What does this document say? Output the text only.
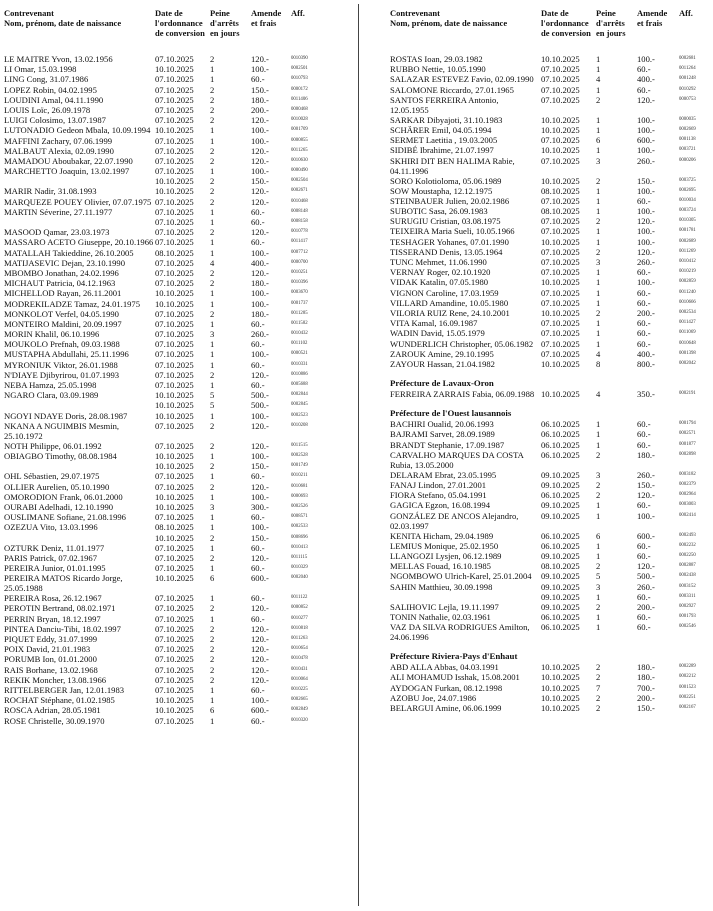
Contrevenant
Nom, prénom, date de naissance
Date de
l'ordonnance
de conversion
Peine
d'arrêts
en jours
Amende
et frais
Aff.
LE MAITRE Yvon, 13.02.1956	07.10.2025 2	120.-	0010390
LI Omar, 15.03.1998	10.10.2025 1	100.-	0002501
LING Cong, 31.07.1986	07.10.2025 1	60.-	0010793
LOPEZ Robin, 04.02.1995	07.10.2025 2	150.-	0000172
LOUDINI Amal, 04.11.1990	07.10.2025 2	180.-	0011406
LOUIS Loïc, 26.09.1978	07.10.2025 2	200.-	0000468
LUIGI Colosimo, 13.07.1987	07.10.2025 2	120.-	0010028
LUTONADIO Gedeon Mbala, 10.09.1994 10.10.2025 1	100.-	0001709
MAFFINI Zachary, 07.06.1999	07.10.2025 1	100.-	0000855
MALBAUT Alexia, 02.09.1990	07.10.2025 2	120.-	0011265
MAMADOU Aboubakar, 22.07.1990	07.10.2025 2	120.-	0010630
MARCHETTO Joaquin, 13.02.1997	07.10.2025 1	100.-	0000490
10.10.2025 2	150.-	0002504
MARIR Nadir, 31.08.1993	10.10.2025 2	120.-	0002671
MARQUEZE POUEY Olivier, 07.07.1975 07.10.2025 2	120.-	0010468
MARTIN Séverine, 27.11.1977	07.10.2025 1	60.-	0008148
07.10.2025 1	60.-	0008158
MASOOD Qamar, 23.03.1973	07.10.2025 2	120.-	0010778
MASSARO ACETO Giuseppe, 20.10.1966 07.10.2025 1	60.-	0011417
MATALLAH Takieddine, 26.10.2005	08.10.2025 1	100.-	0007712
MATIJASEVIC Dejan, 23.10.1990	07.10.2025 4	400.-	0000700
MBOMBO Jonathan, 24.02.1996	07.10.2025 2	120.-	0010251
MICHAUT Patricia, 04.12.1963	07.10.2025 2	180.-	0010396
MICHELLOD Rayan, 26.11.2001	10.10.2025 1	100.-	0003670
MODREKILADZE Tamaz, 24.01.1975	10.10.2025 1	100.-	0001737
MONKOLOT Verfel, 04.05.1990	07.10.2025 2	180.-	0011285
MONTEIRO Maldini, 20.09.1997	07.10.2025 1	60.-	0011582
MORIN Khalil, 06.10.1996	07.10.2025 3	260.-	0010432
MOUKOLO Prefnah, 09.03.1988	07.10.2025 1	60.-	0011102
MUSTAPHA Abdullahi, 25.11.1996	07.10.2025 1	100.-	0000521
MYRONIUK Viktor, 26.01.1988	07.10.2025 1	60.-	0010331
N'DIAYE Djibyrirou, 01.07.1993	07.10.2025 2	120.-	0010886
NEBA Hamza, 25.05.1998	07.10.2025 1	60.-	0005688
NGARO Clara, 03.09.1989	10.10.2025 5	500.-	0002844
10.10.2025 5	500.-	0002845
NGOYI NDAYE Doris, 28.08.1987	10.10.2025 1	100.-	0002523
NKANA A NGUIMBIS Mesmin, 25.10.1972
07.10.2025 2	120.-	0010208
NOTH Philippe, 06.01.1992	07.10.2025 2	120.-	0011515
OBIAGBO Timothy, 08.08.1984	10.10.2025 1	100.-	0002528
10.10.2025 2	150.-	0001749
OHL Sébastien, 29.07.1975	07.10.2025 1	60.-	0010211
OLLIER Aurelien, 05.10.1990	07.10.2025 2	120.-	0010681
OMORODION Frank, 06.01.2000	10.10.2025 1	100.-	0000693
OURABI Adelhadi, 12.10.1990	10.10.2025 3	300.-	0002526
OUSLIMANE Sofiane, 21.08.1996	07.10.2025 1	60.-	0008571
OZEZUA Vito, 13.03.1996	08.10.2025 1	100.-	0002533
10.10.2025 2	150.-	0008696
OZTURK Deniz, 11.01.1977	07.10.2025 1	60.-	0010413
PARIS Patrick, 07.02.1967	07.10.2025 2	120.-	0011115
PEREIRA Junior, 01.01.1995	07.10.2025 1	60.-	0010329
PEREIRA MATOS Ricardo Jorge, 25.05.1988
10.10.2025 6	600.-	0002040
PEREIRA Rosa, 26.12.1967	07.10.2025 1	60.-	0011122
PEROTIN Bertrand, 08.02.1971	07.10.2025 2	120.-	0000852
PERRIN Bryan, 18.12.1997	07.10.2025 1	60.-	0010277
PINTEA Danciu-Tibi, 18.02.1997	07.10.2025 2	120.-	0010818
PIQUET Eddy, 31.07.1999	07.10.2025 2	120.-	0011263
POIX David, 21.01.1983	07.10.2025 2	120.-	0010654
PORUMB Ion, 01.01.2000	07.10.2025 2	120.-	0010478
RAIS Borhane, 13.02.1968	07.10.2025 2	120.-	0010431
REKIK Moncher, 13.08.1966	07.10.2025 2	120.-	0010064
RITTELBERGER Jan, 12.01.1983	07.10.2025 1	60.-	0010225
ROCHAT Stéphane, 01.02.1985	10.10.2025 1	100.-	0002665
ROSCA Adrian, 28.05.1981	10.10.2025 6	600.-	0002849
ROSE Christelle, 30.09.1970	07.10.2025 1	60.-	0010320
Contrevenant
Nom, prénom, date de naissance
Date de
l'ordonnance
de conversion
Peine
d'arrêts
en jours
Amende
et frais
Aff.
ROSTAS Ioan, 29.03.1982	10.10.2025 1	100.-	0002681
RUBBO Nettie, 10.05.1990	07.10.2025 1	60.-	0011264
SALAZAR ESTEVEZ Favio, 02.09.1990 07.10.2025 4	400.-	0001248
SALOMONE Riccardo, 27.01.1965	07.10.2025 1	60.-	0010292
SANTOS FERREIRA Antonio, 12.05.1955
07.10.2025 2	120.-	0000753
SARKAR Dibyajoti, 31.10.1983	10.10.2025 1	100.-	0000035
SCHÄRER Emil, 04.05.1994	10.10.2025 1	100.-	0002669
SERMET Laetitia , 19.03.2005	07.10.2025 6	600.-	0001138
SIDIBÉ Ibrahime, 21.07.1997	10.10.2025 1	100.-	0003721
SKHIRI DIT BEN HALIMA Rabie, 04.11.1996
07.10.2025 3	260.-	0000206
SORO Kolotioloma, 05.06.1989	10.10.2025 2	150.-	0003725
SOW Moustapha, 12.12.1975	08.10.2025 1	100.-	0002695
STEINBAUER Julien, 20.02.1986	07.10.2025 1	60.-	0010034
SUBOTIC Sasa, 26.09.1983	08.10.2025 1	100.-	0003724
SURUGIU Cristian, 03.08.1975	07.10.2025 2	120.-	0010305
TEIXEIRA Maria Sueli, 10.05.1966	07.10.2025 1	100.-	0001781
TESHAGER Yohanes, 07.01.1990	10.10.2025 1	100.-	0002689
TISSERAND Denis, 13.05.1964	07.10.2025 2	120.-	0011269
TUNC Mehmet, 11.06.1990	07.10.2025 3	260.-	0010412
VERNAY Roger, 02.10.1920	07.10.2025 1	60.-	0010219
VIDAK Katalin, 07.05.1980	10.10.2025 1	100.-	0002859
VIGNON Caroline, 17.03.1959	07.10.2025 1	60.-	0011240
VILLARD Amandine, 10.05.1980	07.10.2025 1	60.-	0010666
VILORIA RUIZ Rene, 24.10.2001	10.10.2025 2	200.-	0002534
VITA Kamal, 16.09.1987	07.10.2025 1	60.-	0011427
WADIN David, 15.05.1979	07.10.2025 1	60.-	0011069
WUNDERLICH Christopher, 05.06.1982 07.10.2025 1	60.-	0010648
ZAROUK Amine, 29.10.1995	07.10.2025 4	400.-	0001398
ZAYOUR Hassan, 21.04.1982	10.10.2025 8	800.-	0002042
Préfecture de Lavaux-Oron
FERREIRA ZARRAIS Fabia, 06.09.1988 10.10.2025 4	350.-	0002191
Préfecture de l'Ouest lausannois
BACHIRI Oualid, 20.06.1993	06.10.2025 1	60.-	0001794
BAJRAMI Sarvet, 28.09.1989	06.10.2025 1	60.-	0002571
BRANDT Stephanie, 17.09.1987	06.10.2025 1	60.-	0001877
CARVALHO MARQUES DA COSTA Rubia, 13.05.2000
06.10.2025 2	180.-	0002898
DELARAM Ebrat, 23.05.1995	09.10.2025 3	260.-	0003182
FANAJ Lindon, 27.01.2001	09.10.2025 2	150.-	0002379
FIORA Stefano, 05.04.1991	06.10.2025 2	120.-	0002964
GAGICA Egzon, 16.08.1994	09.10.2025 1	60.-	0003003
GONZÁLEZ DE ANCOS Alejandro, 02.03.1997
09.10.2025 1	100.-	0002414
KENITA Hicham, 29.04.1989	06.10.2025 6	600.-	0002493
LEMIUS Monique, 25.02.1950	06.10.2025 1	60.-	0002232
LLANGOZI Lysjen, 06.12.1989	09.10.2025 1	60.-	0002250
MELLAS Fouad, 16.10.1985	08.10.2025 2	120.-	0002887
NGOMBOWO Ulrich-Karel, 25.01.2004	09.10.2025 5	500.-	0002438
SAHIN Matthieu, 30.09.1998	09.10.2025 3	260.-	0003152
09.10.2025 1	60.-	0003311
SALIHOVIC Lejla, 19.11.1997	09.10.2025 2	200.-	0002927
TONIN Nathalie, 02.03.1961	06.10.2025 1	60.-	0001793
VAZ DA SILVA RODRIGUES Amilton, 24.06.1996
06.10.2025 1	60.-	0002546
Préfecture Riviera-Pays d'Enhaut
ABD ALLA Abbas, 04.03.1991	10.10.2025 2	180.-	0002289
ALI MOHAMUD Isshak, 15.08.2001	10.10.2025 2	180.-	0002212
AYDOGAN Furkan, 08.12.1998	10.10.2025 7	700.-	0001523
AZOBU Joe, 24.07.1986	10.10.2025 2	200.-	0002251
BELARGUI Amine, 06.06.1999	10.10.2025 2	150.-	0002167
